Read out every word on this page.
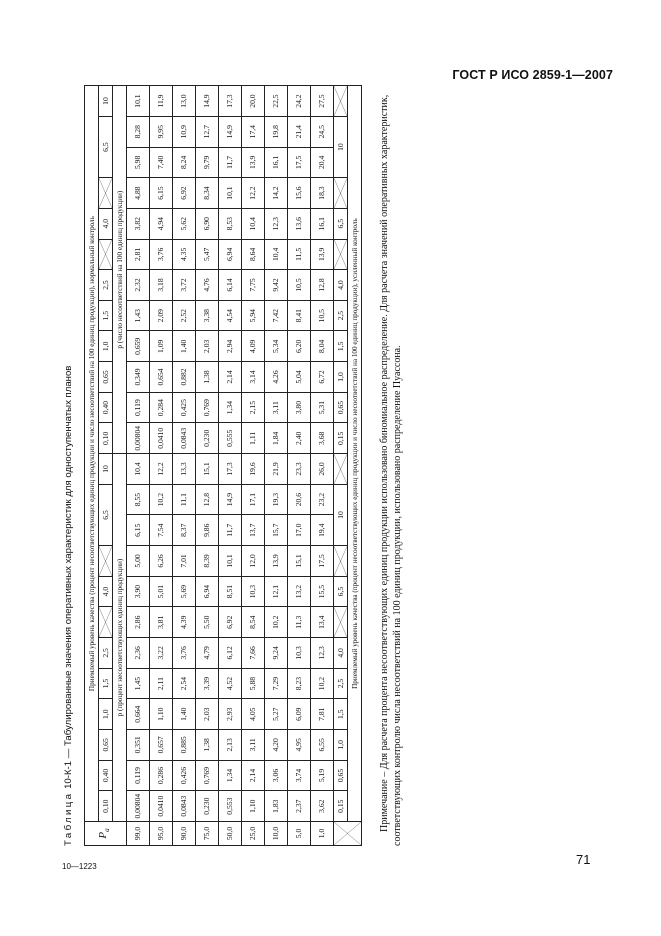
ГОСТ Р ИСО 2859-1—2007
Таблица 10-К-1 — Табулированные значения оперативных характеристик для одноступенчатых планов
$P_a$	Приемлемый уровень качества (процент несоответствующих единиц продукции и число несоответствий на 100 единиц продукции), нормальный контроль																							
	0,10	0,40	0,65	1,0	1,5	2,5		4,0		6,5		10	0,10	0,40	0,65	1,0	1,5	2,5		4,0		6,5		10
	p (процент несоответствующих единиц продукции)												p (число несоответствий на 100 единиц продукции)											
99,0	0,00804	0,119	0,351	0,664	1,45	2,36	2,86	3,90	5,00	6,15	8,55	10,4	0,00804	0,119	0,349	0,659	1,43	2,32	2,81	3,82	4,88	5,98	8,28	10,1
95,0	0,0410	0,286	0,657	1,10	2,11	3,22	3,81	5,01	6,26	7,54	10,2	12,2	0,0410	0,284	0,654	1,09	2,09	3,18	3,76	4,94	6,15	7,40	9,95	11,9
90,0	0,0843	0,426	0,885	1,40	2,54	3,76	4,39	5,69	7,01	8,37	11,1	13,3	0,0843	0,425	0,882	1,40	2,52	3,72	4,35	5,62	6,92	8,24	10,9	13,0
75,0	0,230	0,769	1,38	2,03	3,39	4,79	5,50	6,94	8,39	9,86	12,8	15,1	0,230	0,769	1,38	2,03	3,38	4,76	5,47	6,90	8,34	9,79	12,7	14,9
50,0	0,553	1,34	2,13	2,93	4,52	6,12	6,92	8,51	10,1	11,7	14,9	17,3	0,555	1,34	2,14	2,94	4,54	6,14	6,94	8,53	10,1	11,7	14,9	17,3
25,0	1,10	2,14	3,11	4,05	5,88	7,66	8,54	10,3	12,0	13,7	17,1	19,6	1,11	2,15	3,14	4,09	5,94	7,75	8,64	10,4	12,2	13,9	17,4	20,0
10,0	1,83	3,06	4,20	5,27	7,29	9,24	10,2	12,1	13,9	15,7	19,3	21,9	1,84	3,11	4,26	5,34	7,42	9,42	10,4	12,3	14,2	16,1	19,8	22,5
5,0	2,37	3,74	4,95	6,09	8,23	10,3	11,3	13,2	15,1	17,0	20,6	23,3	2,40	3,80	5,04	6,20	8,41	10,5	11,5	13,6	15,6	17,5	21,4	24,2
1,0	3,62	5,19	6,55	7,81	10,2	12,3	13,4	15,5	17,5	19,4	23,2	26,0	3,68	5,31	6,72	8,04	10,5	12,8	13,9	16,1	18,3	20,4	24,5	27,5

	0,15	0,65	1,0	1,5	2,5	4,0		6,5		10			0,15	0,65	1,0	1,5	2,5	4,0		6,5		10	

	Приемлемый уровень качества (процент несоответствующих единиц продукции и число несоответствий на 100 единиц продукции), усиленный контроль																							Примечание – Для расчета процента несоответствующих единиц продукции использовано биномиальное распределение. Для расчета значений оперативных характеристик, соответствующих контролю числа несоответствий на 100 единиц продукции, использовано распределение Пуассона.
10—1223	71
